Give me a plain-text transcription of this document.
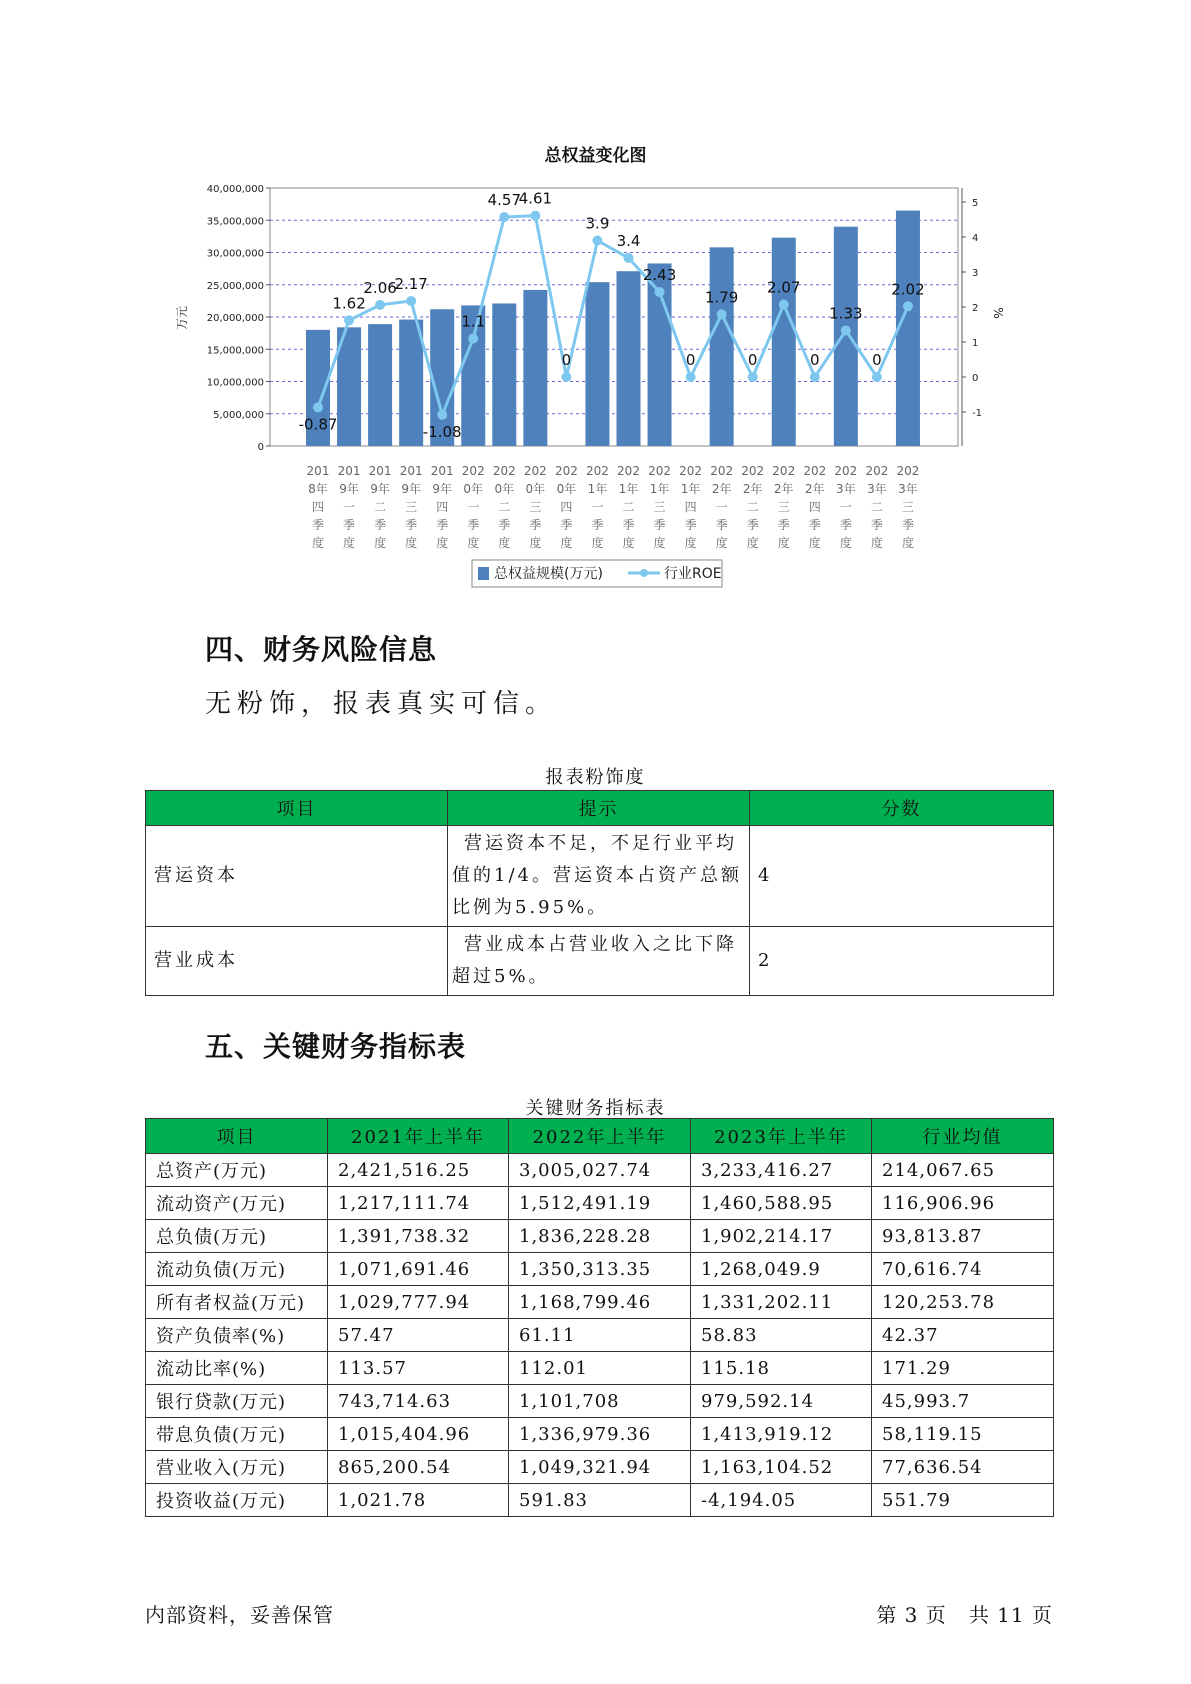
总权益变化图
0
5,000,000
10,000,000
15,000,000
20,000,000
25,000,000
30,000,000
35,000,000
40,000,000
-1
0
1
2
3
4
5
万元	%
-0.87
1.62
2.06
2.17
-1.08
1.1
4.57
4.61
0
3.9
3.4
2.43
0
1.79
0
2.07
0
1.33
0
2.02
201 8年四季度
201 9年一季度
201 9年二季度
201 9年三季度
201 9年四季度
202 0年一季度
202 0年二季度
202 0年三季度
202 0年四季度
202 1年一季度
202 1年二季度
202 1年三季度
202 1年四季度
202 2年一季度
202 2年二季度
202 2年三季度
202 2年四季度
202 3年一季度
202 3年二季度
202 3年三季度
总权益规模(万元)	行业ROE
四、财务风险信息
无粉饰，报表真实可信。
报表粉饰度
项目	提示	分数
营运资本	营运资本不足，不足行业平均值的1/4。营运资本占资产总额比例为5.95%。	4
营业成本	营业成本占营业收入之比下降超过5%。	2
五、关键财务指标表
关键财务指标表
项目	2021年上半年	2022年上半年	2023年上半年	行业均值
总资产(万元)	2,421,516.25	3,005,027.74	3,233,416.27	214,067.65
流动资产(万元)	1,217,111.74	1,512,491.19	1,460,588.95	116,906.96
总负债(万元)	1,391,738.32	1,836,228.28	1,902,214.17	93,813.87
流动负债(万元)	1,071,691.46	1,350,313.35	1,268,049.9	70,616.74
所有者权益(万元)	1,029,777.94	1,168,799.46	1,331,202.11	120,253.78
资产负债率(%)	57.47	61.11	58.83	42.37
流动比率(%)	113.57	112.01	115.18	171.29
银行贷款(万元)	743,714.63	1,101,708	979,592.14	45,993.7
带息负债(万元)	1,015,404.96	1,336,979.36	1,413,919.12	58,119.15
营业收入(万元)	865,200.54	1,049,321.94	1,163,104.52	77,636.54
投资收益(万元)	1,021.78	591.83	-4,194.05	551.79
内部资料，妥善保管	第 3 页   共 11 页
